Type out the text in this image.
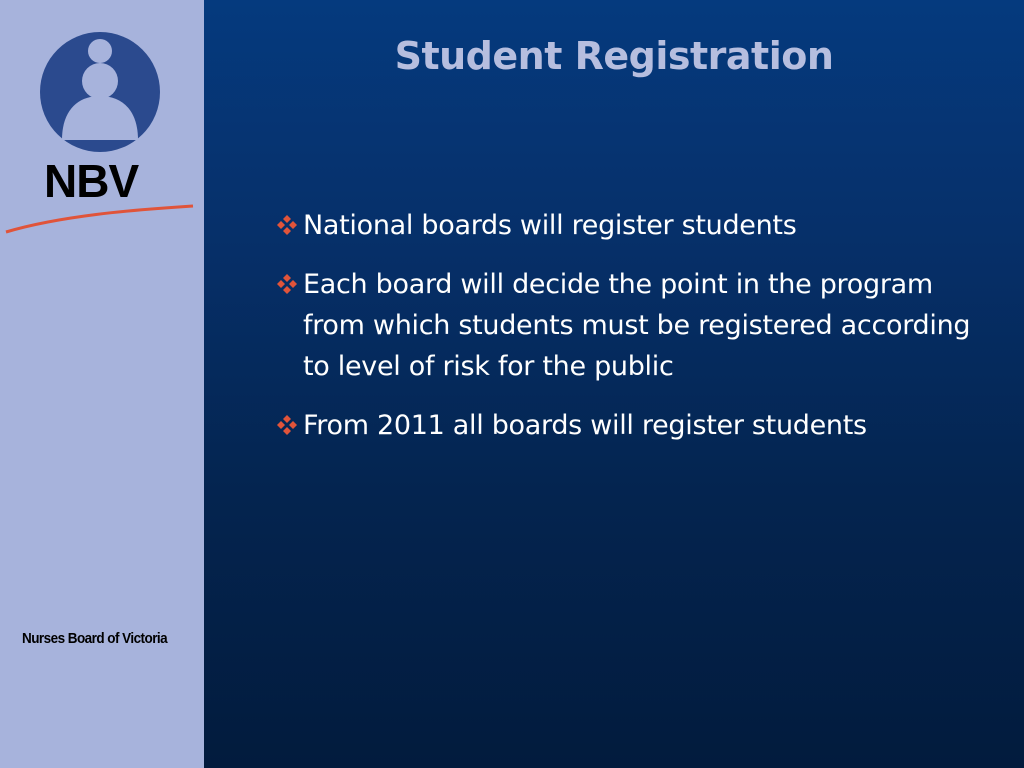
NBV
Nurses Board of Victoria
Student Registration
National boards will register students
Each board will decide the point in the program from which students must be registered according to level of risk for the public
From 2011 all boards will register students
